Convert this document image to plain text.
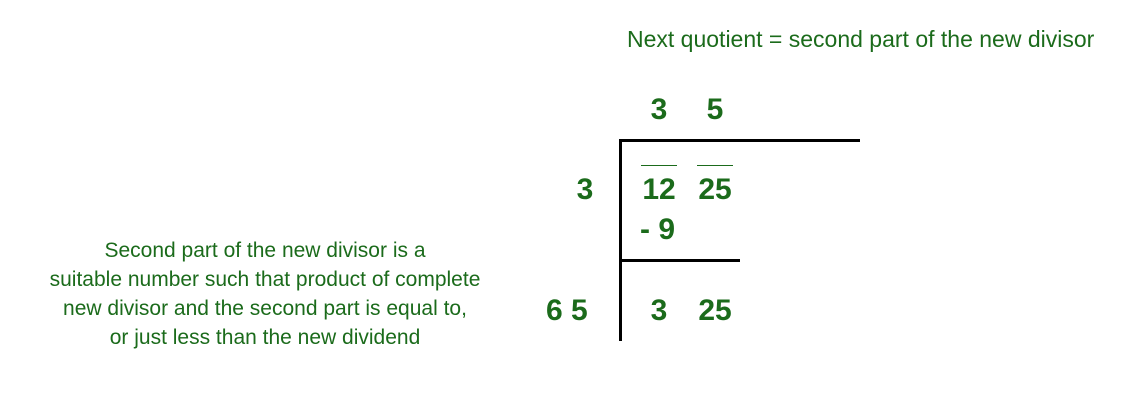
Next quotient = second part of the new divisor
Second part of the new divisor is a
suitable number such that product of complete
new divisor and the second part is equal to,
or just less than the new dividend
3	5
3	12 25
- 9
6 5	3	25
